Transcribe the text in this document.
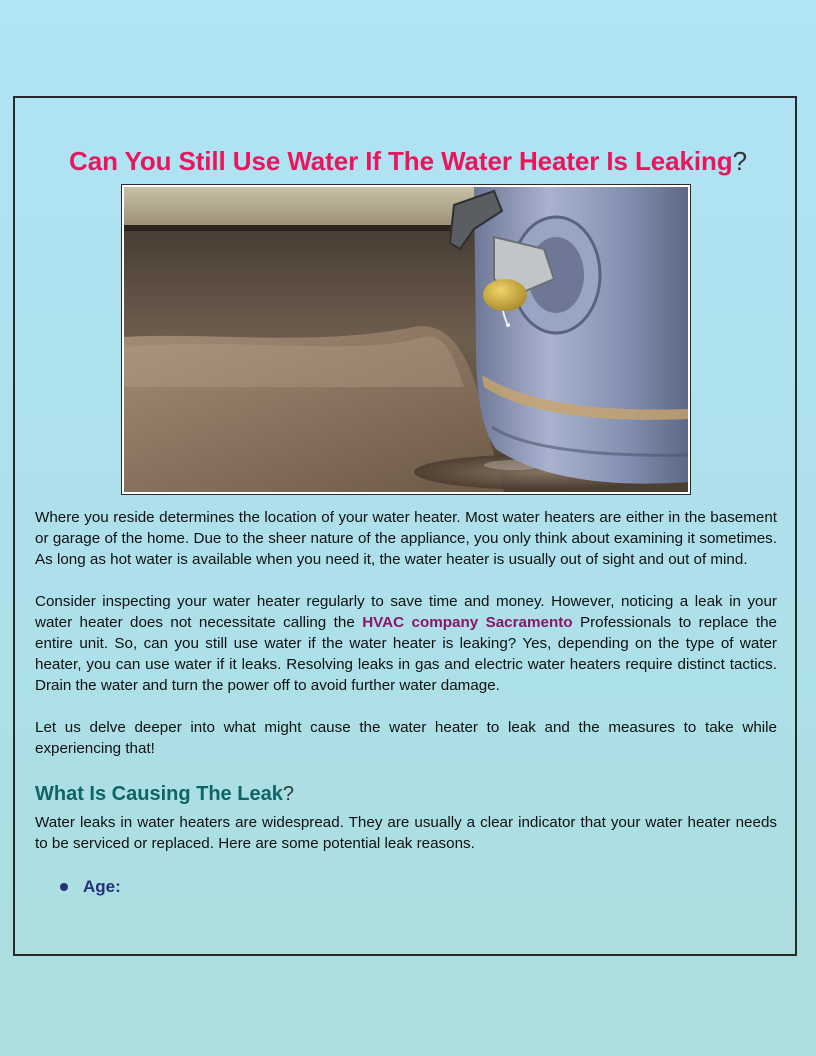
Can You Still Use Water If The Water Heater Is Leaking?

Where you reside determines the location of your water heater. Most water heaters are either in the basement or garage of the home. Due to the sheer nature of the appliance, you only think about examining it sometimes. As long as hot water is available when you need it, the water heater is usually out of sight and out of mind.

Consider inspecting your water heater regularly to save time and money. However, noticing a leak in your water heater does not necessitate calling the HVAC company Sacramento Professionals to replace the entire unit. So, can you still use water if the water heater is leaking? Yes, depending on the type of water heater, you can use water if it leaks. Resolving leaks in gas and electric water heaters require distinct tactics. Drain the water and turn the power off to avoid further water damage.

Let us delve deeper into what might cause the water heater to leak and the measures to take while experiencing that!

What Is Causing The Leak?

Water leaks in water heaters are widespread. They are usually a clear indicator that your water heater needs to be serviced or replaced. Here are some potential leak reasons.

Age:
